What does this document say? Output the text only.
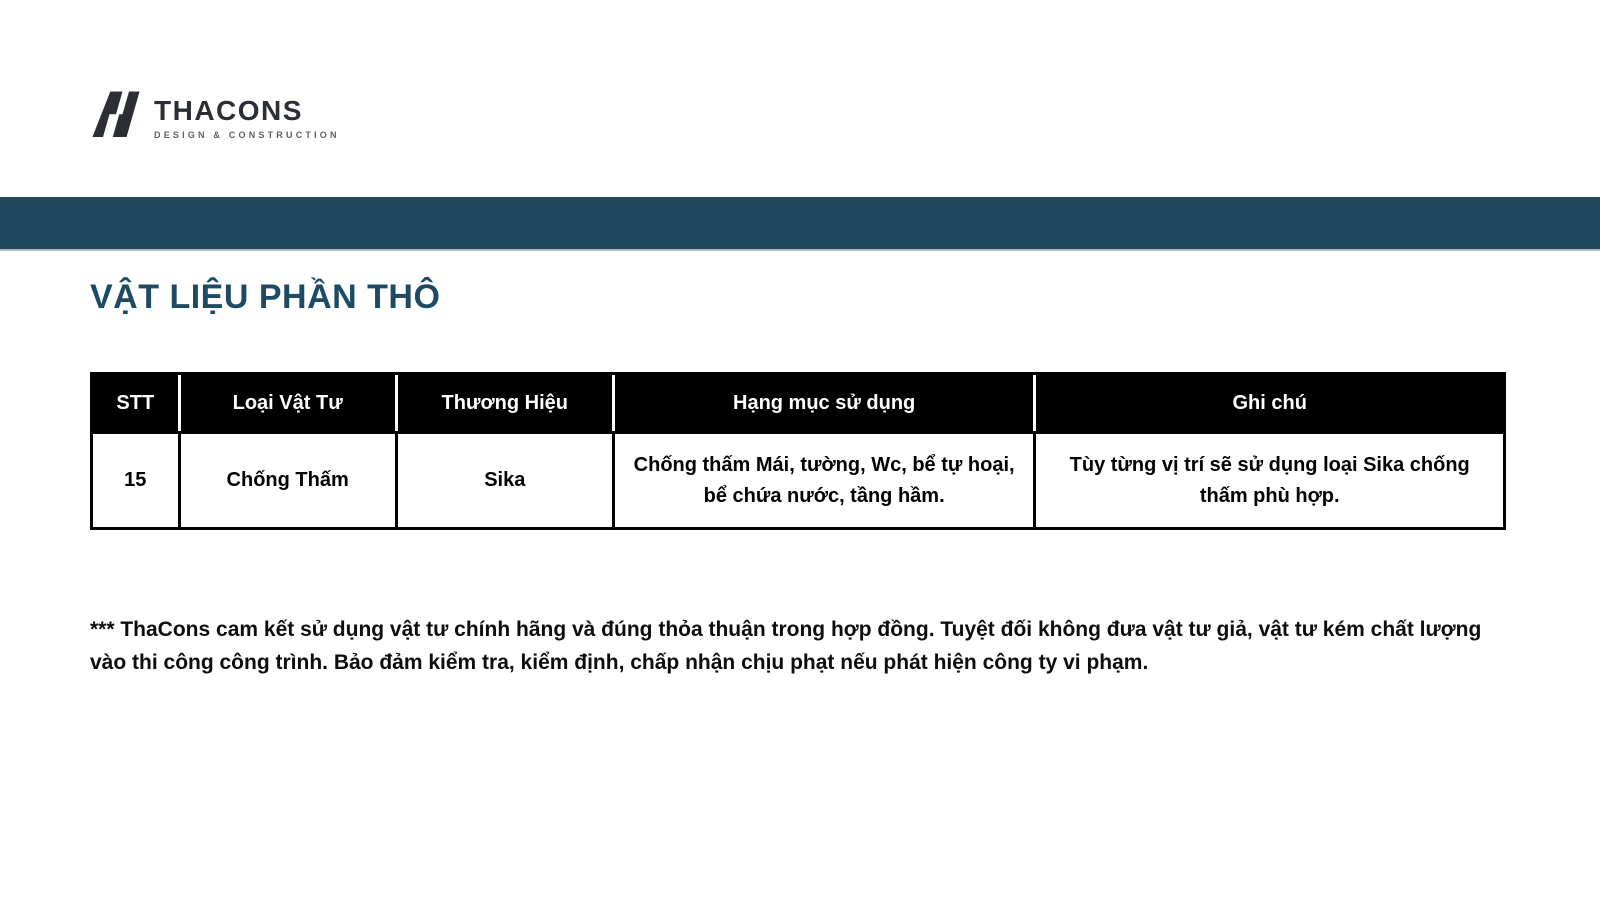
THACONS
DESIGN & CONSTRUCTION
VẬT LIỆU PHẦN THÔ
STT	Loại Vật Tư	Thương Hiệu	Hạng mục sử dụng	Ghi chú
15	Chống Thấm	Sika	Chống thấm Mái, tường, Wc, bể tự hoại, bể chứa nước, tầng hầm.	Tùy từng vị trí sẽ sử dụng loại Sika chống thấm phù hợp.

*** ThaCons cam kết sử dụng vật tư chính hãng và đúng thỏa thuận trong hợp đồng. Tuyệt đối không đưa vật tư giả, vật tư kém chất lượng vào thi công công trình. Bảo đảm kiểm tra, kiểm định, chấp nhận chịu phạt nếu phát hiện công ty vi phạm.
